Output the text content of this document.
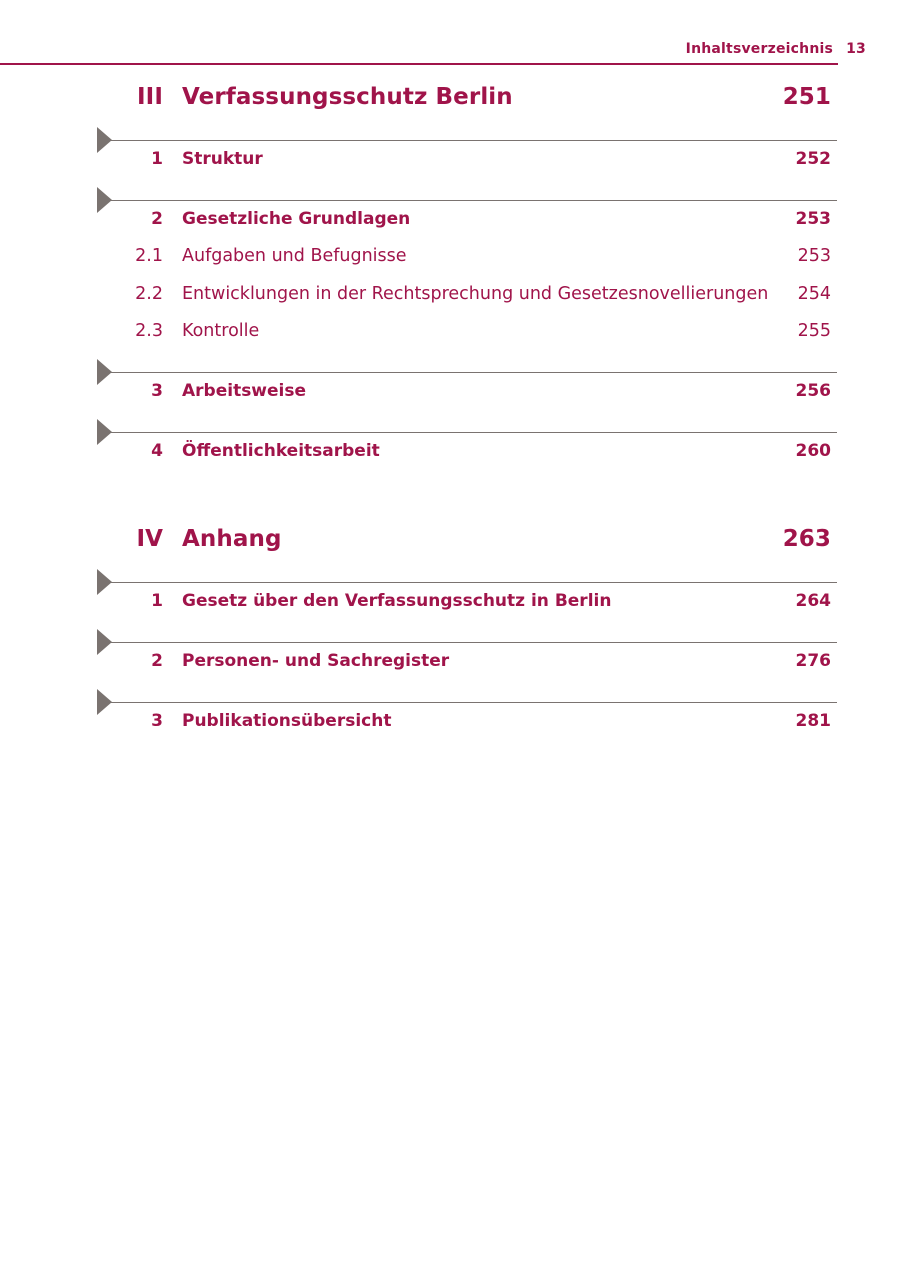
Inhaltsverzeichnis 13
III Verfassungsschutz Berlin	251
1 Struktur	252
2 Gesetzliche Grundlagen	253
2.1 Aufgaben und Befugnisse	253
2.2 Entwicklungen in der Rechtsprechung und Gesetzesnovellierungen 254
2.3 Kontrolle	255
3 Arbeitsweise	256
4 Öffentlichkeitsarbeit	260
IV Anhang	263
1 Gesetz über den Verfassungsschutz in Berlin	264
2 Personen- und Sachregister	276
3 Publikationsübersicht	281
